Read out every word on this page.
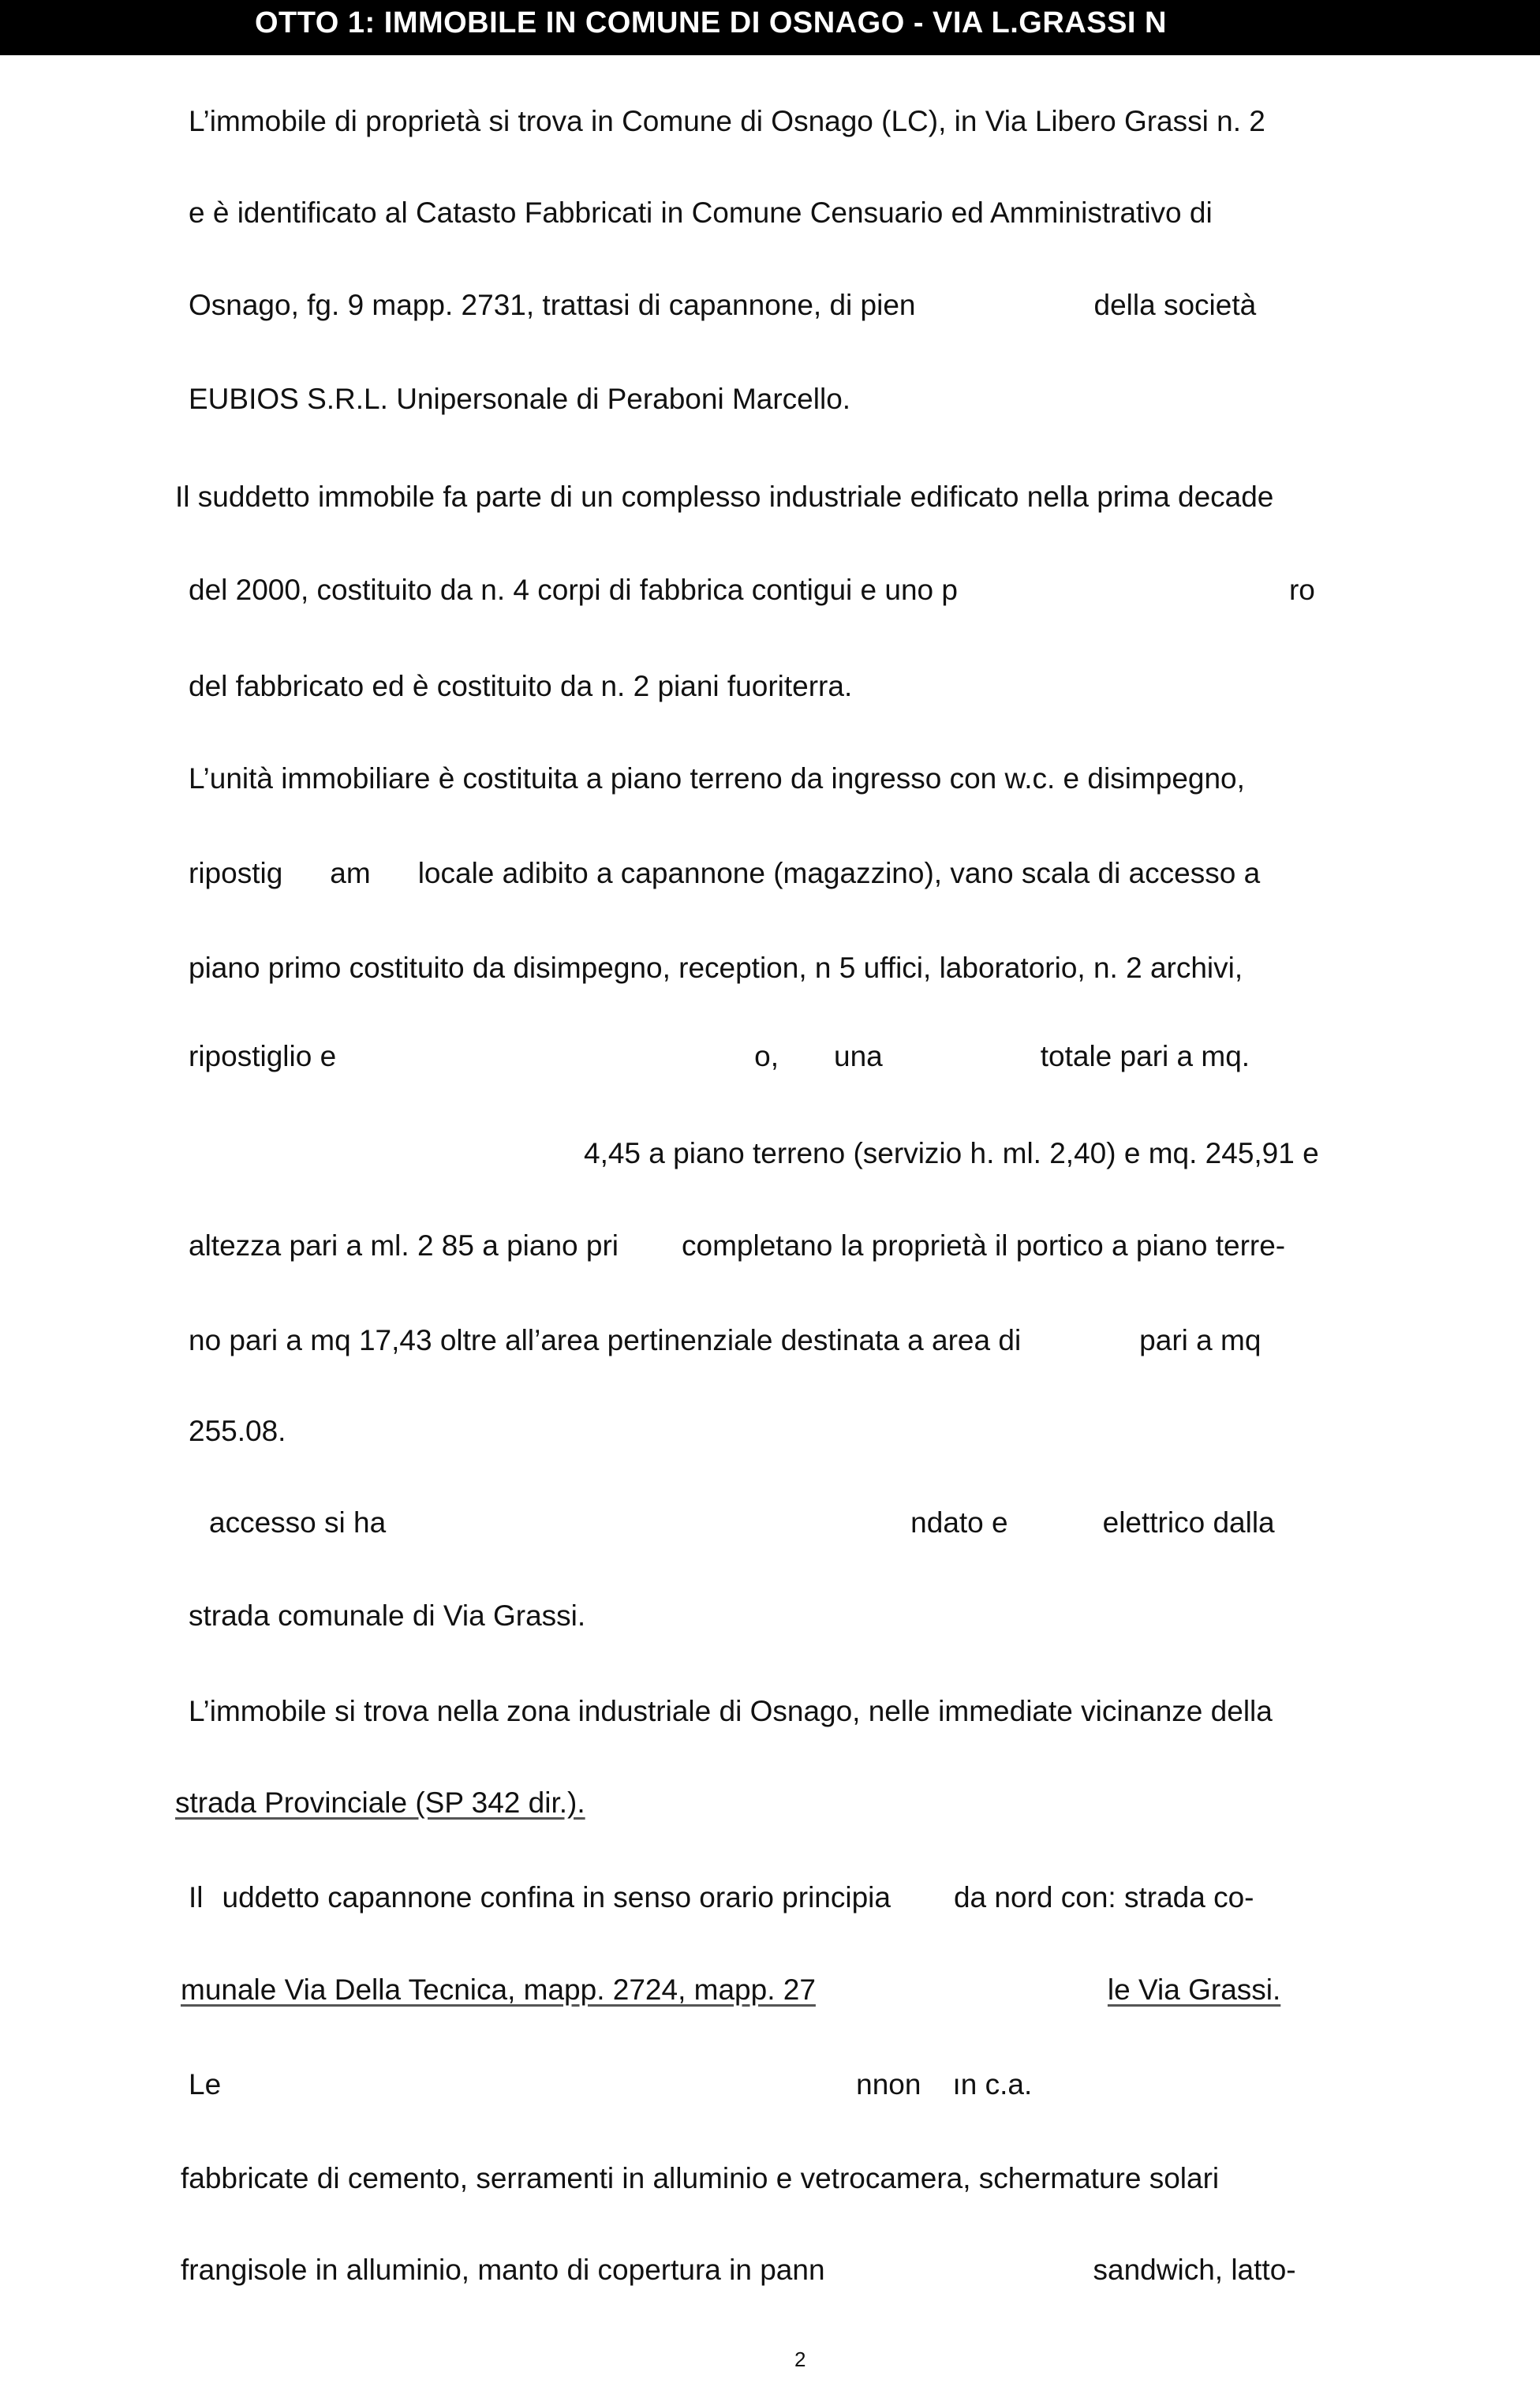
OTTO 1: IMMOBILE IN COMUNE DI OSNAGO - VIA L.GRASSI N
L’immobile di proprietà si trova in Comune di Osnago (LC), in Via Libero Grassi n. 2
e è identificato al Catasto Fabbricati in Comune Censuario ed Amministrativo di
Osnago, fg. 9 mapp. 2731, trattasi di capannone, di pien	della società
EUBIOS S.R.L. Unipersonale di Peraboni Marcello.
Il suddetto immobile fa parte di un complesso industriale edificato nella prima decade
del 2000, costituito da n. 4 corpi di fabbrica contigui e uno p	ro
del fabbricato ed è costituito da n. 2 piani fuoriterra.
L’unità immobiliare è costituita a piano terreno da ingresso con w.c. e disimpegno,
ripostig am locale adibito a capannone (magazzino), vano scala di accesso a
piano primo costituito da disimpegno, reception, n 5 uffici, laboratorio, n. 2 archivi,
ripostiglio e	o, una	totale pari a mq.
4,45 a piano terreno (servizio h. ml. 2,40) e mq. 245,91 e
altezza pari a ml. 2 85 a piano pri completano la proprietà il portico a piano terre-
no pari a mq 17,43 oltre all’area pertinenziale destinata a area di	pari a mq
255.08.
accesso si ha	ndato e	elettrico dalla
strada comunale di Via Grassi.
L’immobile si trova nella zona industriale di Osnago, nelle immediate vicinanze della
strada Provinciale (SP 342 dir.).
Il uddetto capannone confina in senso orario principia da nord con: strada co-
munale Via Della Tecnica, mapp. 2724, mapp. 27	le Via Grassi.
Le	nnon ın c.a.
fabbricate di cemento, serramenti in alluminio e vetrocamera, schermature solari
frangisole in alluminio, manto di copertura in pann	sandwich, latto-
2
